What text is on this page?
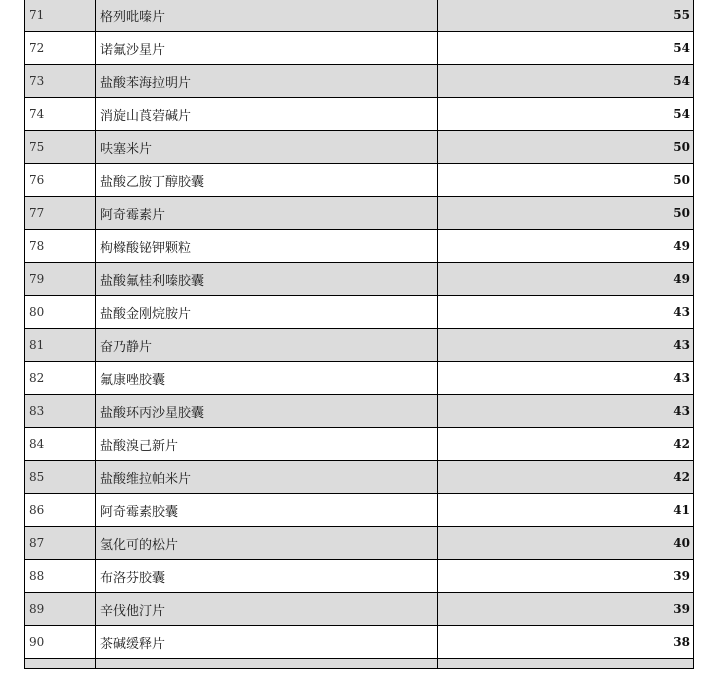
71	格列吡嗪片	55
72	诺氟沙星片	54
73	盐酸苯海拉明片	54
74	消旋山莨菪碱片	54
75	呋塞米片	50
76	盐酸乙胺丁醇胶囊	50
77	阿奇霉素片	50
78	枸橼酸铋钾颗粒	49
79	盐酸氟桂利嗪胶囊	49
80	盐酸金刚烷胺片	43
81	奋乃静片	43
82	氟康唑胶囊	43
83	盐酸环丙沙星胶囊	43
84	盐酸溴己新片	42
85	盐酸维拉帕米片	42
86	阿奇霉素胶囊	41
87	氢化可的松片	40
88	布洛芬胶囊	39
89	辛伐他汀片	39
90	茶碱缓释片	38
